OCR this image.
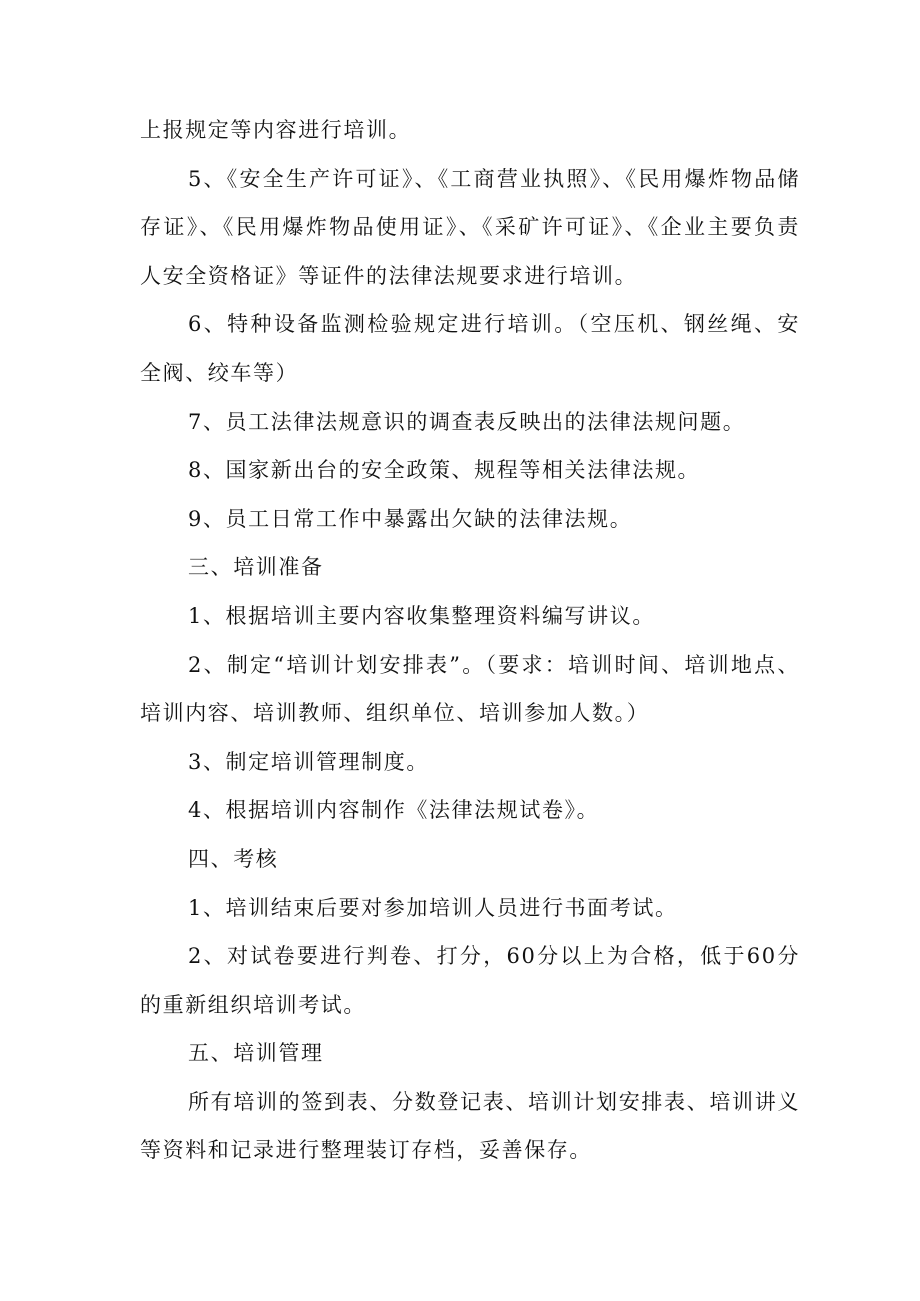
上报规定等内容进行培训。

5、《安全生产许可证》、《工商营业执照》、《民用爆炸物品储存证》、《民用爆炸物品使用证》、《采矿许可证》、《企业主要负责人安全资格证》等证件的法律法规要求进行培训。

6、特种设备监测检验规定进行培训。（空压机、钢丝绳、安全阀、绞车等）

7、员工法律法规意识的调查表反映出的法律法规问题。

8、国家新出台的安全政策、规程等相关法律法规。

9、员工日常工作中暴露出欠缺的法律法规。

三、培训准备

1、根据培训主要内容收集整理资料编写讲议。

2、制定“培训计划安排表”。（要求：培训时间、培训地点、培训内容、培训教师、组织单位、培训参加人数。）

3、制定培训管理制度。

4、根据培训内容制作《法律法规试卷》。

四、考核

1、培训结束后要对参加培训人员进行书面考试。

2、对试卷要进行判卷、打分，60分以上为合格，低于60分的重新组织培训考试。

五、培训管理

所有培训的签到表、分数登记表、培训计划安排表、培训讲义等资料和记录进行整理装订存档，妥善保存。
